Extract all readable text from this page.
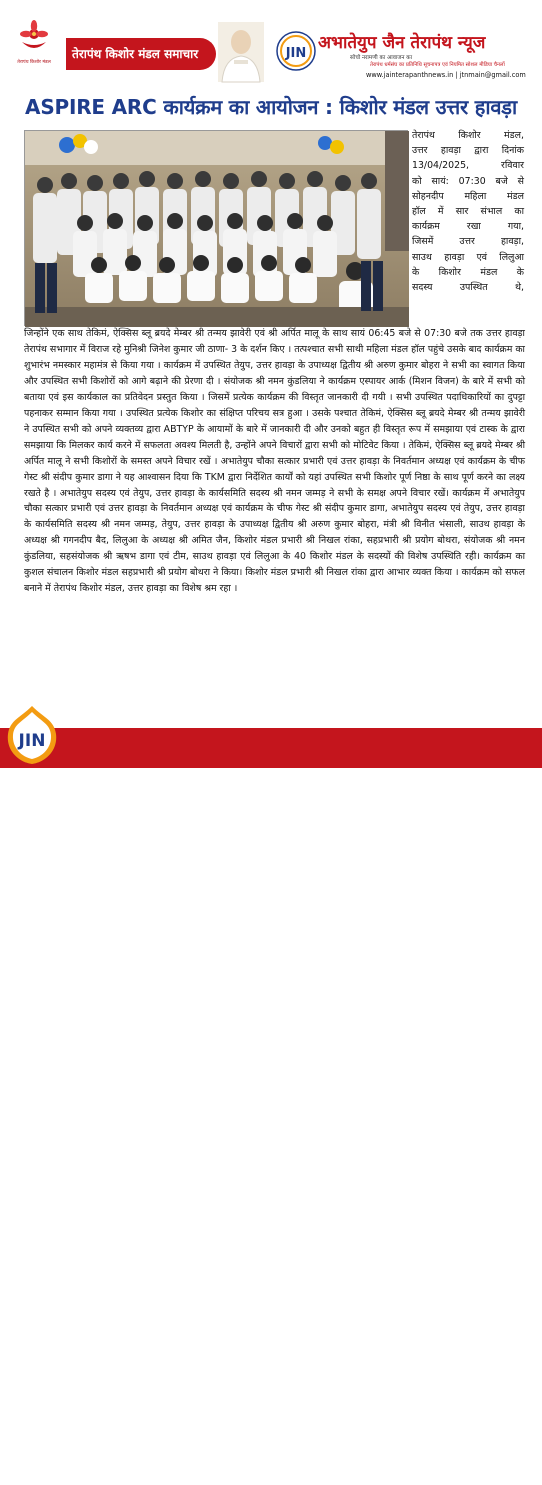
तेरापंथ किशोर मंडल
तेरापंथ किशोर मंडल समाचार	JIN
अभातेयुप जैन तेरापंथ न्यूज
सोचो नरामणी का आवाजन का
तेरापंथ धर्मसंघ का प्रतिनिधि सूचनापत्र एवं नियमित सोशल मीडिया चैनलों
www.jainterapanthnews.in | jtnmain@gmail.com
ASPIRE ARC कार्यक्रम का आयोजन : किशोर मंडल उत्तर हावड़ा
तेरापंथ किशोर मंडल,
उत्तर हावड़ा द्वारा दिनांक
13/04/2025, रविवार
को सायं: 07:30 बजे से
सोहनदीप महिला मंडल
हॉल में सार संभाल का
कार्यक्रम रखा गया,
जिसमें उत्तर हावड़ा,
साउथ हावड़ा एवं लिलुआ
के किशोर मंडल के
सदस्य उपस्थित थे,
जिन्होंने एक साथ तेकिमं, ऐक्सिस ब्लू ब्रयदे मेम्बर श्री तन्मय झावेरी एवं श्री अर्पित मालू के साथ सायं 06:45 बजे से 07:30 बजे तक उत्तर हावड़ा तेरापंथ सभागार में विराज रहे मुनिश्री जिनेश कुमार जी ठाणा- 3 के दर्शन किए । तत्पश्चात सभी साथी महिला मंडल हॉल पहुंचे उसके बाद कार्यक्रम का शुभारंभ नमस्कार महामंत्र से किया गया । कार्यक्रम में उपस्थित तेयुप, उत्तर हावड़ा के उपाध्यक्ष द्वितीय श्री अरुण कुमार बोहरा ने सभी का स्वागत किया और उपस्थित सभी किशोरों को आगे बढ़ाने की प्रेरणा दी । संयोजक श्री नमन कुंडलिया ने कार्यक्रम एस्पायर आर्क (मिशन विजन) के बारे में सभी को बताया एवं इस कार्यकाल का प्रतिवेदन प्रस्तुत किया । जिसमें प्रत्येक कार्यक्रम की विस्तृत जानकारी दी गयी । सभी उपस्थित पदाधिकारियों का दुपट्टा पहनाकर सम्मान किया गया । उपस्थित प्रत्येक किशोर का संक्षिप्त परिचय सत्र हुआ । उसके पश्चात तेकिमं, ऐक्सिस ब्लू ब्रयदे मेम्बर श्री तन्मय झावेरी ने उपस्थित सभी को अपने व्यक्तव्य द्वारा ABTYP के आयामों के बारे में जानकारी दी और उनको बहुत ही विस्तृत रूप में समझाया एवं टास्क के द्वारा समझाया कि मिलकर कार्य करने में सफलता अवश्य मिलती है, उन्होंने अपने विचारों द्वारा सभी को मोटिवेट किया । तेकिमं, ऐक्सिस ब्लू ब्रयदे मेम्बर श्री अर्पित मालू ने सभी किशोरों के समस्त अपने विचार रखें । अभातेयुप चौका सत्कार प्रभारी एवं उत्तर हावड़ा के निवर्तमान अध्यक्ष एवं कार्यक्रम के चीफ गेस्ट श्री संदीप कुमार डागा ने यह आश्वासन दिया कि TKM द्वारा निर्देशित कार्यों को यहां उपस्थित सभी किशोर पूर्ण निष्ठा के साथ पूर्ण करने का लक्ष्य रखते है । अभातेयुप सदस्य एवं तेयुप, उत्तर हावड़ा के कार्यसमिति सदस्य श्री नमन जम्मड़ ने सभी के समक्ष अपने विचार रखें। कार्यक्रम में अभातेयुप चौका सत्कार प्रभारी एवं उत्तर हावड़ा के निवर्तमान अध्यक्ष एवं कार्यक्रम के चीफ गेस्ट श्री संदीप कुमार डागा, अभातेयुप सदस्य एवं तेयुप, उत्तर हावड़ा के कार्यसमिति सदस्य श्री नमन जम्मड़, तेयुप, उत्तर हावड़ा के उपाध्यक्ष द्वितीय श्री अरुण कुमार बोहरा, मंत्री श्री विनीत भंसाली, साउथ हावड़ा के अध्यक्ष श्री गगनदीप बैद, लिलुआ के अध्यक्ष श्री अमित जैन, किशोर मंडल प्रभारी श्री निखल रांका, सहप्रभारी श्री प्रयोग बोथरा, संयोजक श्री नमन कुंडलिया, सहसंयोजक श्री ऋषभ डागा एवं टीम, साउथ हावड़ा एवं लिलुआ के 40 किशोर मंडल के सदस्यों की विशेष उपस्थिति रही। कार्यक्रम का कुशल संचालन किशोर मंडल सहप्रभारी श्री प्रयोग बोथरा ने किया। किशोर मंडल प्रभारी श्री निखल रांका द्वारा आभार व्यक्त किया । कार्यक्रम को सफल बनाने में तेरापंथ किशोर मंडल, उत्तर हावड़ा का विशेष श्रम रहा ।
प्रस्तुति : अभातेयुप जैन तेरापंथ न्यूज से बिरेंद्र बोहरा, साभार : जितेंद्र सिंघी
JIN
